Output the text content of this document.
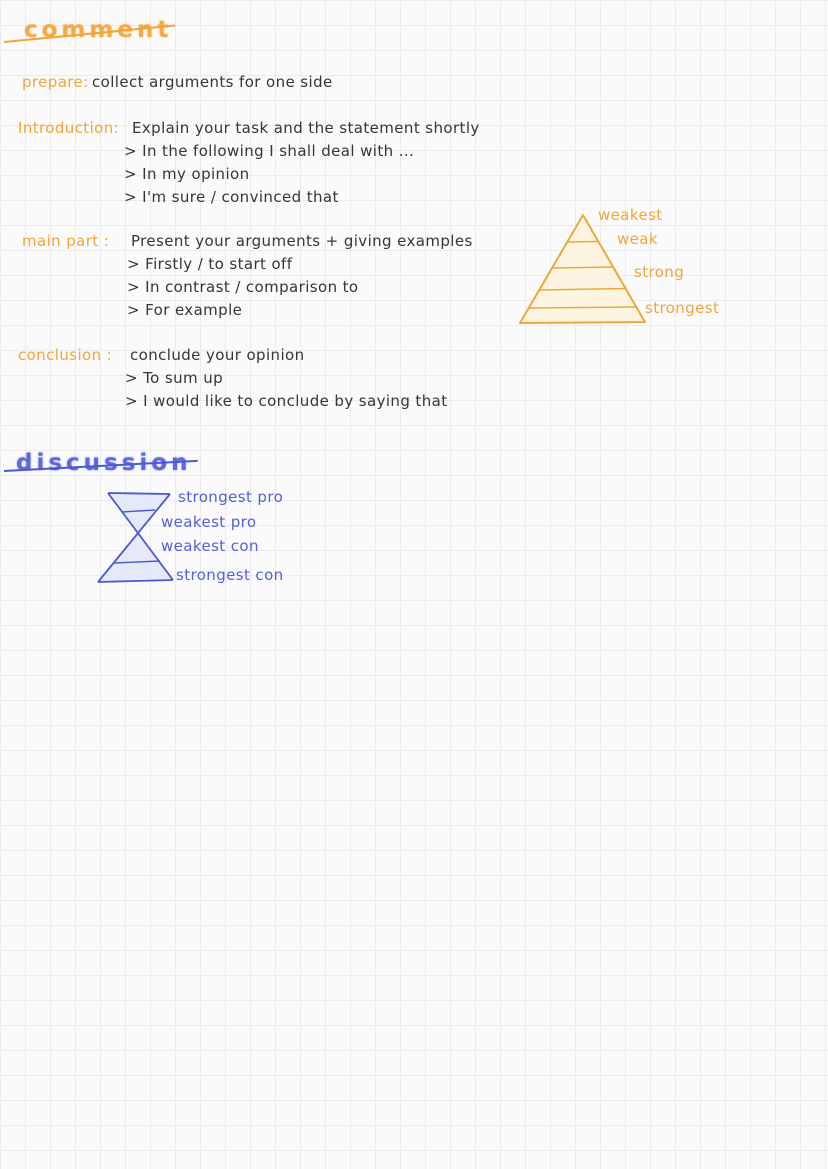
comment
prepare: collect arguments for one side
Introduction: Explain your task and the statement shortly
> In the following I shall deal with ...
> In my opinion
> I'm sure / convinced that
main part : Present your arguments + giving examples
> Firstly / to start off
> In contrast / comparison to
> For example
conclusion : conclude your opinion
> To sum up
> I would like to conclude by saying that
weakest
weak
strong
strongest
discussion
strongest pro
weakest pro
weakest con
strongest con
